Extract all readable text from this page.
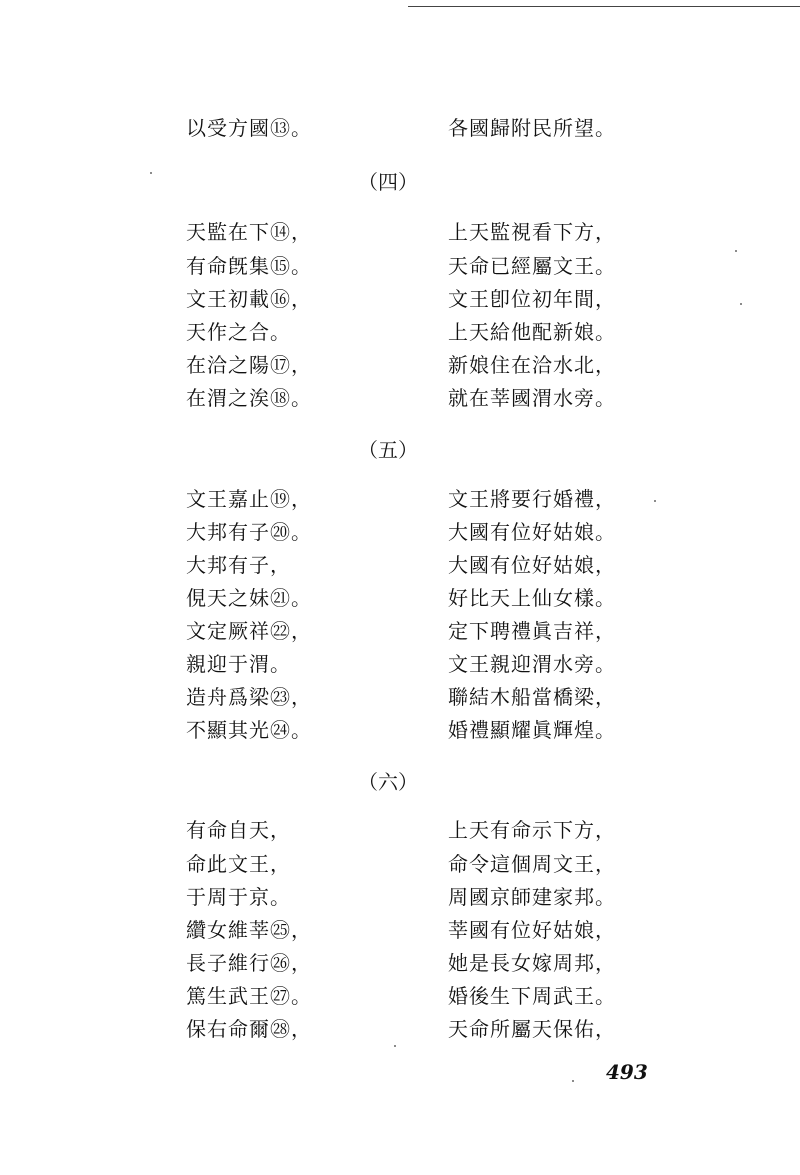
以受方國⑬。	各國歸附民所望。
（四）
天監在下⑭，	上天監視看下方，
有命旣集⑮。	天命已經屬文王。
文王初載⑯，	文王卽位初年間，
天作之合。	上天給他配新娘。
在洽之陽⑰，	新娘住在洽水北，
在渭之涘⑱。	就在莘國渭水旁。
（五）
文王嘉止⑲，	文王將要行婚禮，
大邦有子⑳。	大國有位好姑娘。
大邦有子，	大國有位好姑娘，
俔天之妹㉑。	好比天上仙女樣。
文定厥祥㉒，	定下聘禮眞吉祥，
親迎于渭。	文王親迎渭水旁。
造舟爲梁㉓，	聯結木船當橋梁，
不顯其光㉔。	婚禮顯耀眞輝煌。
（六）
有命自天，	上天有命示下方，
命此文王，	命令這個周文王，
于周于京。	周國京師建家邦。
纘女維莘㉕，	莘國有位好姑娘，
長子維行㉖，	她是長女嫁周邦，
篤生武王㉗。	婚後生下周武王。
保右命爾㉘，	天命所屬天保佑，
493
